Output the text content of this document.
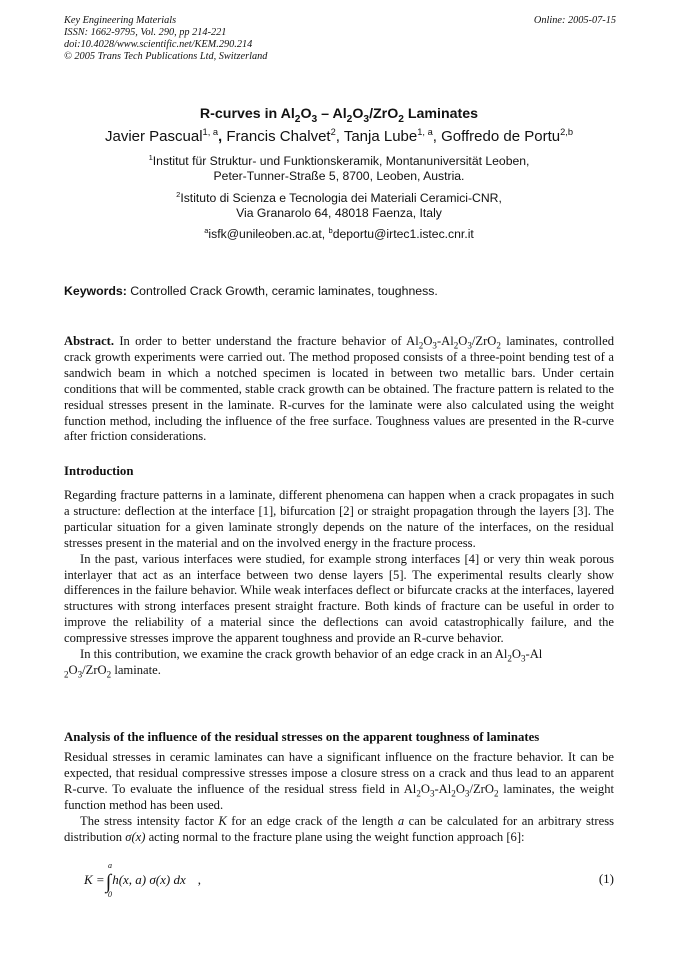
Key Engineering Materials
ISSN: 1662-9795, Vol. 290, pp 214-221
doi:10.4028/www.scientific.net/KEM.290.214
© 2005 Trans Tech Publications Ltd, Switzerland
Online: 2005-07-15
R-curves in $Al_2O_3 - Al_2O_3/ZrO_2$ Laminates
Javier Pascual$^{1, a}$, Francis Chalvet$^2$, Tanja Lube$^{1, a}$, Goffredo de Portu$^{2,b}$
$^1$Institut für Struktur- und Funktionskeramik, Montanuniversität Leoben,
Peter-Tunner-Straße 5, 8700, Leoben, Austria.
$^2$Istituto di Scienza e Tecnologia dei Materiali Ceramici-CNR,
Via Granarolo 64, 48018 Faenza, Italy
$^a$isfk@unileoben.ac.at, $^b$deportu@irtec1.istec.cnr.it
Keywords: Controlled Crack Growth, ceramic laminates, toughness.

Abstract. In order to better understand the fracture behavior of $Al_2O_3-Al_2O_3/ZrO_2$ laminates, controlled crack growth experiments were carried out. The method proposed consists of a three-point bending test of a sandwich beam in which a notched specimen is located in between two metallic bars. Under certain conditions that will be commented, stable crack growth can be obtained. The fracture pattern is related to the residual stresses present in the laminate. R-curves for the laminate were also calculated using the weight function method, including the influence of the free surface. Toughness values are presented in the R-curve after friction considerations.

Introduction

Regarding fracture patterns in a laminate, different phenomena can happen when a crack propagates in such a structure: deflection at the interface [1], bifurcation [2] or straight propagation through the layers [3]. The particular situation for a given laminate strongly depends on the nature of the interfaces, on the residual stresses present in the material and on the involved energy in the fracture process.

In the past, various interfaces were studied, for example strong interfaces [4] or very thin weak porous interlayer that act as an interface between two dense layers [5]. The experimental results clearly show differences in the failure behavior. While weak interfaces deflect or bifurcate cracks at the interfaces, layered structures with strong interfaces present straight fracture. Both kinds of fracture can be useful in order to improve the reliability of a material since the deflections can avoid catastrophically failure, and the compressive stresses improve the apparent toughness and provide an R-curve behavior.

In this contribution, we examine the crack growth behavior of an edge crack in an $Al_2O_3-Al$
$_2O_3/ZrO_2$ laminate.

Analysis of the influence of the residual stresses on the apparent toughness of laminates

Residual stresses in ceramic laminates can have a significant influence on the fracture behavior. It can be expected, that residual compressive stresses impose a closure stress on a crack and thus lead to an apparent R-curve. To evaluate the influence of the residual stress field in $Al_2O_3-Al_2O_3/ZrO_2$ laminates, the weight function method has been used.

The stress intensity factor K for an edge crack of the length a can be calculated for an arbitrary stress distribution σ(x) acting normal to the fracture plane using the weight function approach [6]:

a
0
K =∫h(x, a) σ(x) dx ,	(1)
